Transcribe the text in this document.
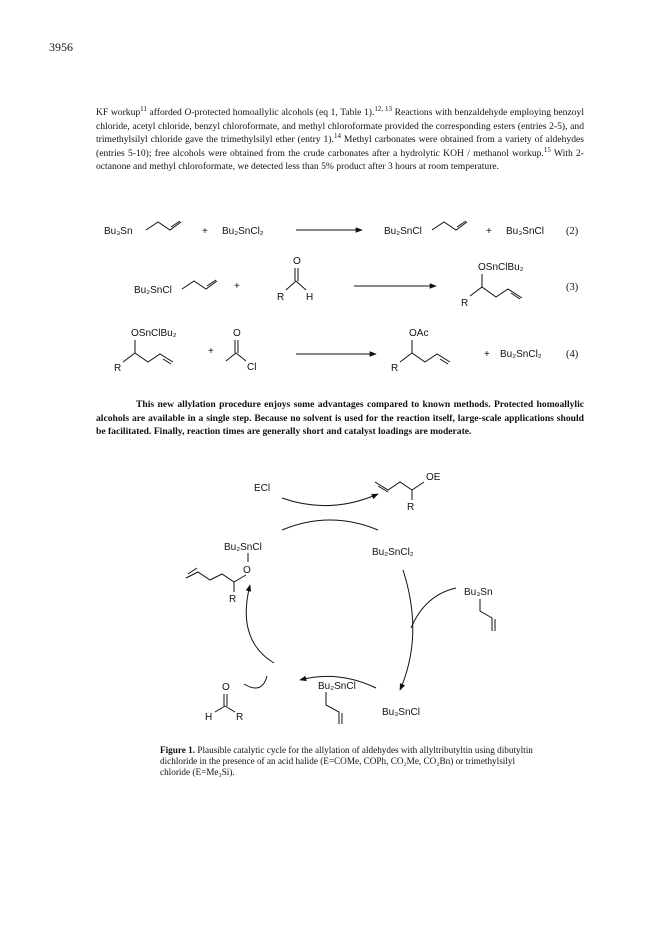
3956

KF workup$^{11}$ afforded O-protected homoallylic alcohols (eq 1, Table 1).$^{12, 13}$ Reactions with benzaldehyde employing benzoyl chloride, acetyl chloride, benzyl chloroformate, and methyl chloroformate provided the corresponding esters (entries 2-5), and trimethylsilyl chloride gave the trimethylsilyl ether (entry 1).$^{14}$ Methyl carbonates were obtained from a variety of aldehydes (entries 5-10); free alcohols were obtained from the crude carbonates after a hydrolytic KOH / methanol workup.$^{15}$ With 2-octanone and methyl chloroformate, we detected less than 5% product after 3 hours at room temperature.

Bu₃Sn	+ Bu₂SnCl₂	Bu₂SnCl	+ Bu₃SnCl (2)
Bu₂SnCl	+
O
R H
OSnClBu₂
R
(3)
OSnClBu₂
R
+
O
Cl
OAc
R
+ Bu₂SnCl₂ (4)
ECl
OE
R
Bu₂SnCl
O
R
Bu₂SnCl₂
Bu₃Sn
Bu₂SnCl
Bu₃SnCl
O
H R

This new allylation procedure enjoys some advantages compared to known methods. Protected homoallylic alcohols are available in a single step. Because no solvent is used for the reaction itself, large-scale applications should be facilitated. Finally, reaction times are generally short and catalyst loadings are moderate.

Figure 1. Plausible catalytic cycle for the allylation of aldehydes with allyltributyltin using dibutyltin dichloride in the presence of an acid halide (E=COMe, COPh, CO₂Me, CO₂Bn) or trimethylsilyl chloride (E=Me₃Si).
